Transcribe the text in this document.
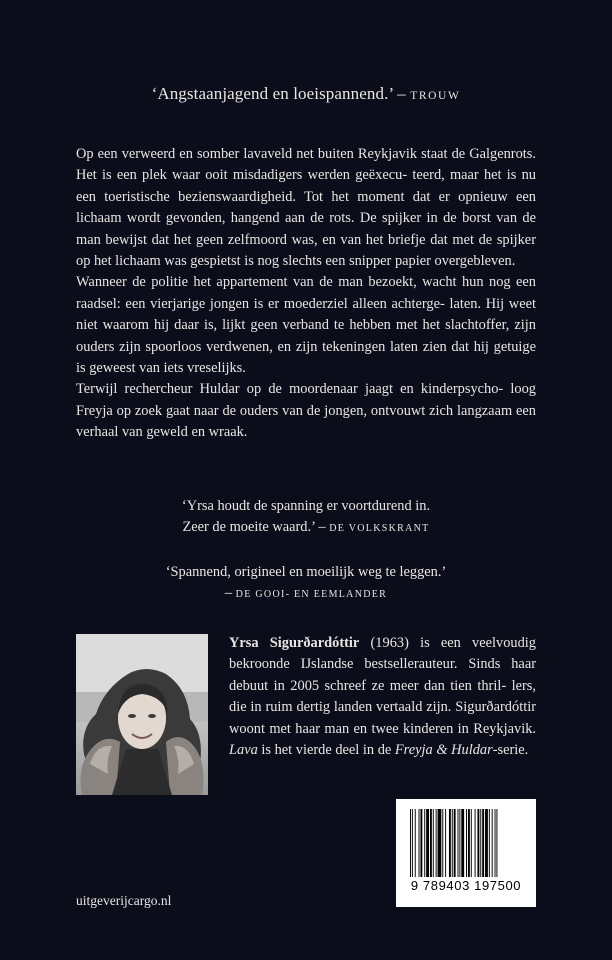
‘Angstaanjagend en loeispannend.’ – TROUW

Op een verweerd en somber lavaveld net buiten Reykjavik staat de Galgenrots. Het is een plek waar ooit misdadigers werden geëxecu- teerd, maar het is nu een toeristische bezienswaardigheid. Tot het moment dat er opnieuw een lichaam wordt gevonden, hangend aan de rots. De spijker in de borst van de man bewijst dat het geen zelfmoord was, en van het briefje dat met de spijker op het lichaam was gespietst is nog slechts een snipper papier overgebleven.

Wanneer de politie het appartement van de man bezoekt, wacht hun nog een raadsel: een vierjarige jongen is er moederziel alleen achterge- laten. Hij weet niet waarom hij daar is, lijkt geen verband te hebben met het slachtoffer, zijn ouders zijn spoorloos verdwenen, en zijn tekeningen laten zien dat hij getuige is geweest van iets vreselijks.

Terwijl rechercheur Huldar op de moordenaar jaagt en kinderpsycho- loog Freyja op zoek gaat naar de ouders van de jongen, ontvouwt zich langzaam een verhaal van geweld en wraak.

‘Yrsa houdt de spanning er voortdurend in.
Zeer de moeite waard.’ – DE VOLKSKRANT
‘Spannend, origineel en moeilijk weg te leggen.’
– DE GOOI- EN EEMLANDER

Yrsa Sigurðardóttir (1963) is een veelvoudig bekroonde IJslandse bestsellerauteur. Sinds haar debuut in 2005 schreef ze meer dan tien thril- lers, die in ruim dertig landen vertaald zijn. Sigurðardóttir woont met haar man en twee kinderen in Reykjavik. Lava is het vierde deel in de Freyja & Huldar-serie.

9 789403 197500
uitgeverijcargo.nl
